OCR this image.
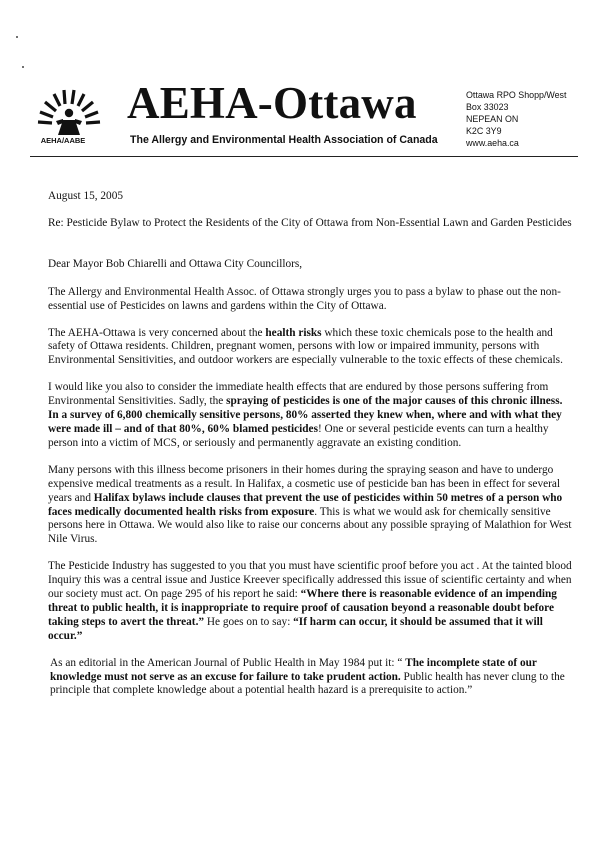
AEHA/AABE
AEHA-Ottawa
The Allergy and Environmental Health Association of Canada
Ottawa RPO Shopp/West
Box 33023
NEPEAN ON
K2C 3Y9
www.aeha.ca

August 15, 2005

Re: Pesticide Bylaw to Protect the Residents of the City of Ottawa from Non-Essential Lawn and Garden Pesticides

Dear Mayor Bob Chiarelli and Ottawa City Councillors,

The Allergy and Environmental Health Assoc. of Ottawa strongly urges you to pass a bylaw to phase out the non-essential use of Pesticides on lawns and gardens within the City of Ottawa.

The AEHA-Ottawa is very concerned about the health risks which these toxic chemicals pose to the health and safety of Ottawa residents. Children, pregnant women, persons with low or impaired immunity, persons with Environmental Sensitivities, and outdoor workers are especially vulnerable to the toxic effects of these chemicals.

I would like you also to consider the immediate health effects that are endured by those persons suffering from Environmental Sensitivities. Sadly, the spraying of pesticides is one of the major causes of this chronic illness. In a survey of 6,800 chemically sensitive persons, 80% asserted they knew when, where and with what they were made ill – and of that 80%, 60% blamed pesticides! One or several pesticide events can turn a healthy person into a victim of MCS, or seriously and permanently aggravate an existing condition.

Many persons with this illness become prisoners in their homes during the spraying season and have to undergo expensive medical treatments as a result. In Halifax, a cosmetic use of pesticide ban has been in effect for several years and Halifax bylaws include clauses that prevent the use of pesticides within 50 metres of a person who faces medically documented health risks from exposure. This is what we would ask for chemically sensitive persons here in Ottawa. We would also like to raise our concerns about any possible spraying of Malathion for West Nile Virus.

The Pesticide Industry has suggested to you that you must have scientific proof before you act . At the tainted blood Inquiry this was a central issue and Justice Kreever specifically addressed this issue of scientific certainty and when our society must act. On page 295 of his report he said: “Where there is reasonable evidence of an impending threat to public health, it is inappropriate to require proof of causation beyond a reasonable doubt before taking steps to avert the threat.” He goes on to say: “If harm can occur, it should be assumed that it will occur.”

As an editorial in the American Journal of Public Health in May 1984 put it: “ The incomplete state of our knowledge must not serve as an excuse for failure to take prudent action. Public health has never clung to the principle that complete knowledge about a potential health hazard is a prerequisite to action.”
